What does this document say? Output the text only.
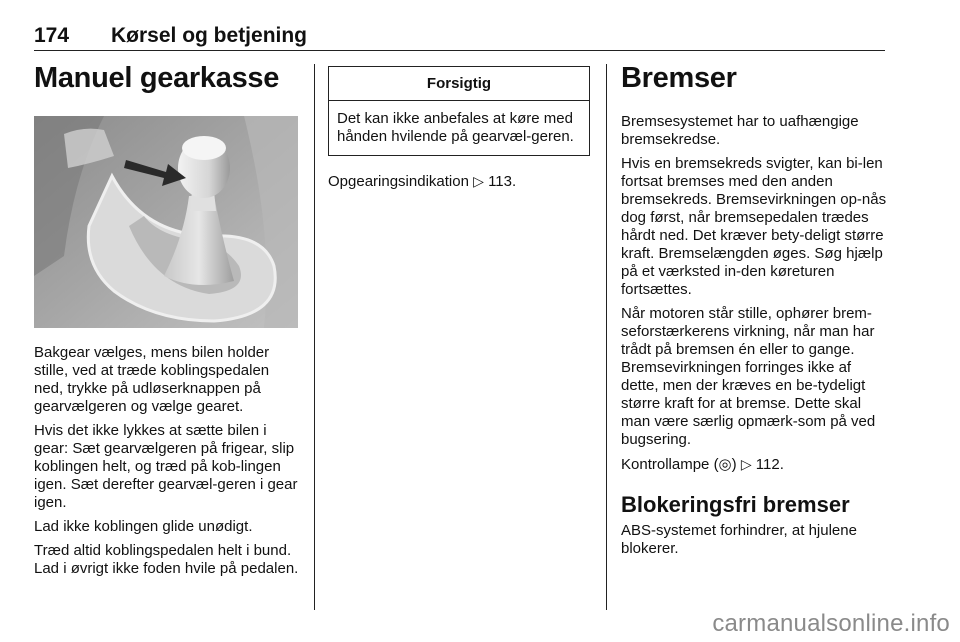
174	Kørsel og betjening
Manuel gearkasse

Bakgear vælges, mens bilen holder stille, ved at træde koblingspedalen ned, trykke på udløserknappen på gearvælgeren og vælge gearet.

Hvis det ikke lykkes at sætte bilen i gear: Sæt gearvælgeren på frigear, slip koblingen helt, og træd på kob-lingen igen. Sæt derefter gearvæl-geren i gear igen.

Lad ikke koblingen glide unødigt.

Træd altid koblingspedalen helt i bund. Lad i øvrigt ikke foden hvile på pedalen.

Forsigtig
Det kan ikke anbefales at køre med hånden hvilende på gearvæl-geren.

Opgearingsindikation ▷ 113.

Bremser

Bremsesystemet har to uafhængige bremsekredse.

Hvis en bremsekreds svigter, kan bi-len fortsat bremses med den anden bremsekreds. Bremsevirkningen op-nås dog først, når bremsepedalen trædes hårdt ned. Det kræver bety-deligt større kraft. Bremselængden øges. Søg hjælp på et værksted in-den køreturen fortsættes.

Når motoren står stille, ophører brem-seforstærkerens virkning, når man har trådt på bremsen én eller to gange. Bremsevirkningen forringes ikke af dette, men der kræves en be-tydeligt større kraft for at bremse. Dette skal man være særlig opmærk-som på ved bugsering.

Kontrollampe (◎) ▷ 112.

Blokeringsfri bremser

ABS-systemet forhindrer, at hjulene blokerer.

carmanualsonline.info
